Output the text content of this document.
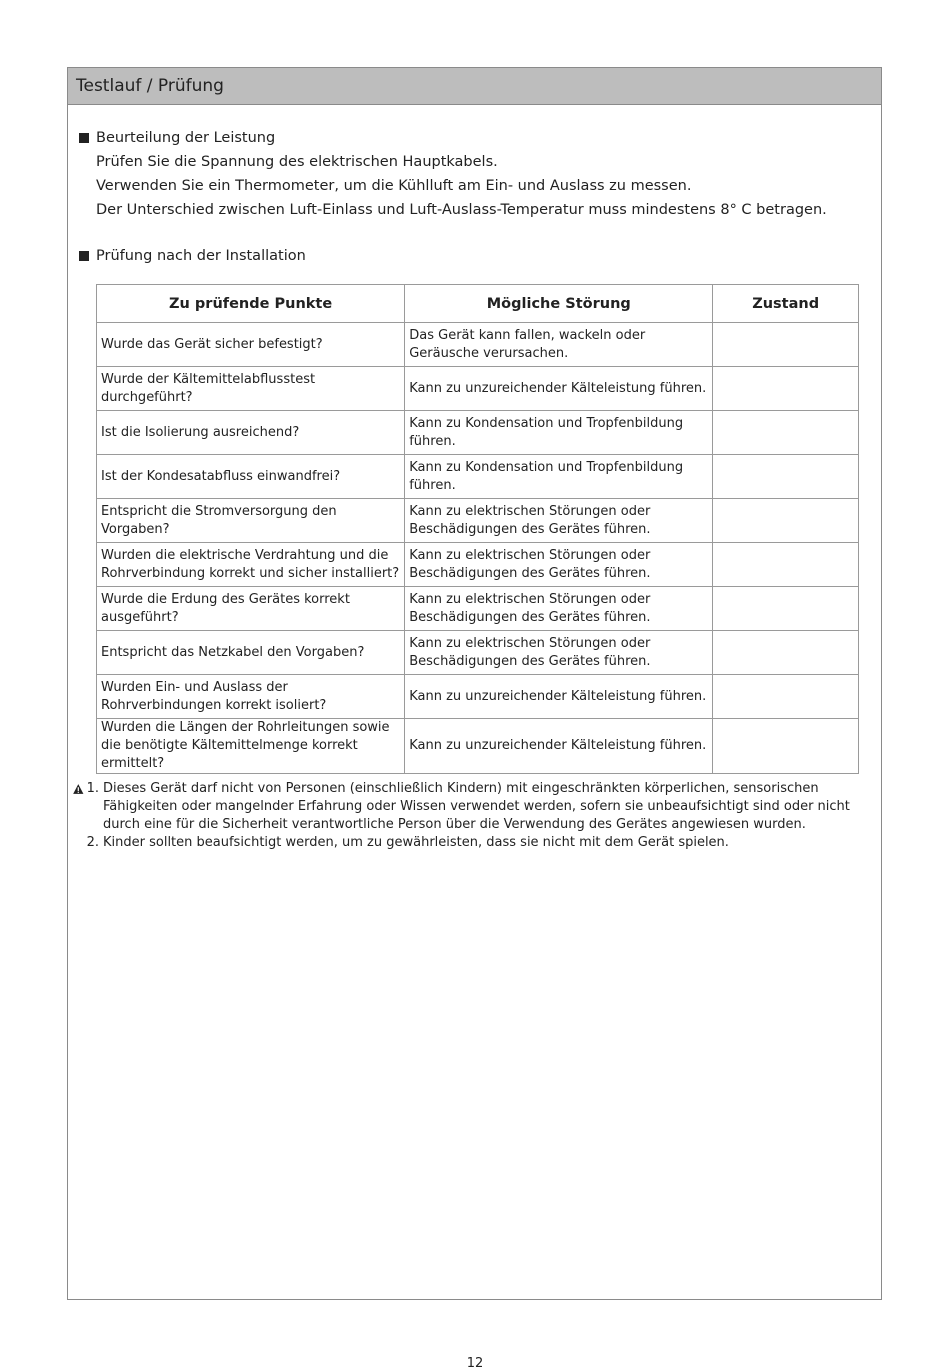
Testlauf / Prüfung
Beurteilung der Leistung
Prüfen Sie die Spannung des elektrischen Hauptkabels.
Verwenden Sie ein Thermometer, um die Kühlluft am Ein- und Auslass zu messen.
Der Unterschied zwischen Luft-Einlass und Luft-Auslass-Temperatur muss mindestens 8° C betragen.
Prüfung nach der Installation
Zu prüfende Punkte	Mögliche Störung	Zustand
Wurde das Gerät sicher befestigt?	Das Gerät kann fallen, wackeln oder Geräusche verursachen.	
Wurde der Kältemittelabflusstest durchgeführt?	Kann zu unzureichender Kälteleistung führen.	
Ist die Isolierung ausreichend?	Kann zu Kondensation und Tropfenbildung führen.	
Ist der Kondesatabfluss einwandfrei?	Kann zu Kondensation und Tropfenbildung führen.	
Entspricht die Stromversorgung den Vorgaben?	Kann zu elektrischen Störungen oder Beschädigungen des Gerätes führen.	
Wurden die elektrische Verdrahtung und die Rohrverbindung korrekt und sicher installiert?	Kann zu elektrischen Störungen oder Beschädigungen des Gerätes führen.	
Wurde die Erdung des Gerätes korrekt ausgeführt?	Kann zu elektrischen Störungen oder Beschädigungen des Gerätes führen.	
Entspricht das Netzkabel den Vorgaben?	Kann zu elektrischen Störungen oder Beschädigungen des Gerätes führen.	
Wurden Ein- und Auslass der Rohrverbindungen korrekt isoliert?	Kann zu unzureichender Kälteleistung führen.	
Wurden die Längen der Rohrleitungen sowie die benötigte Kältemittelmenge korrekt ermittelt?	Kann zu unzureichender Kälteleistung führen.	
1. Dieses Gerät darf nicht von Personen (einschließlich Kindern) mit eingeschränkten körperlichen, sensorischen Fähigkeiten oder mangelnder Erfahrung oder Wissen verwendet werden, sofern sie unbeaufsichtigt sind oder nicht durch eine für die Sicherheit verantwortliche Person über die Verwendung des Gerätes angewiesen wurden.
2. Kinder sollten beaufsichtigt werden, um zu gewährleisten, dass sie nicht mit dem Gerät spielen.
12
